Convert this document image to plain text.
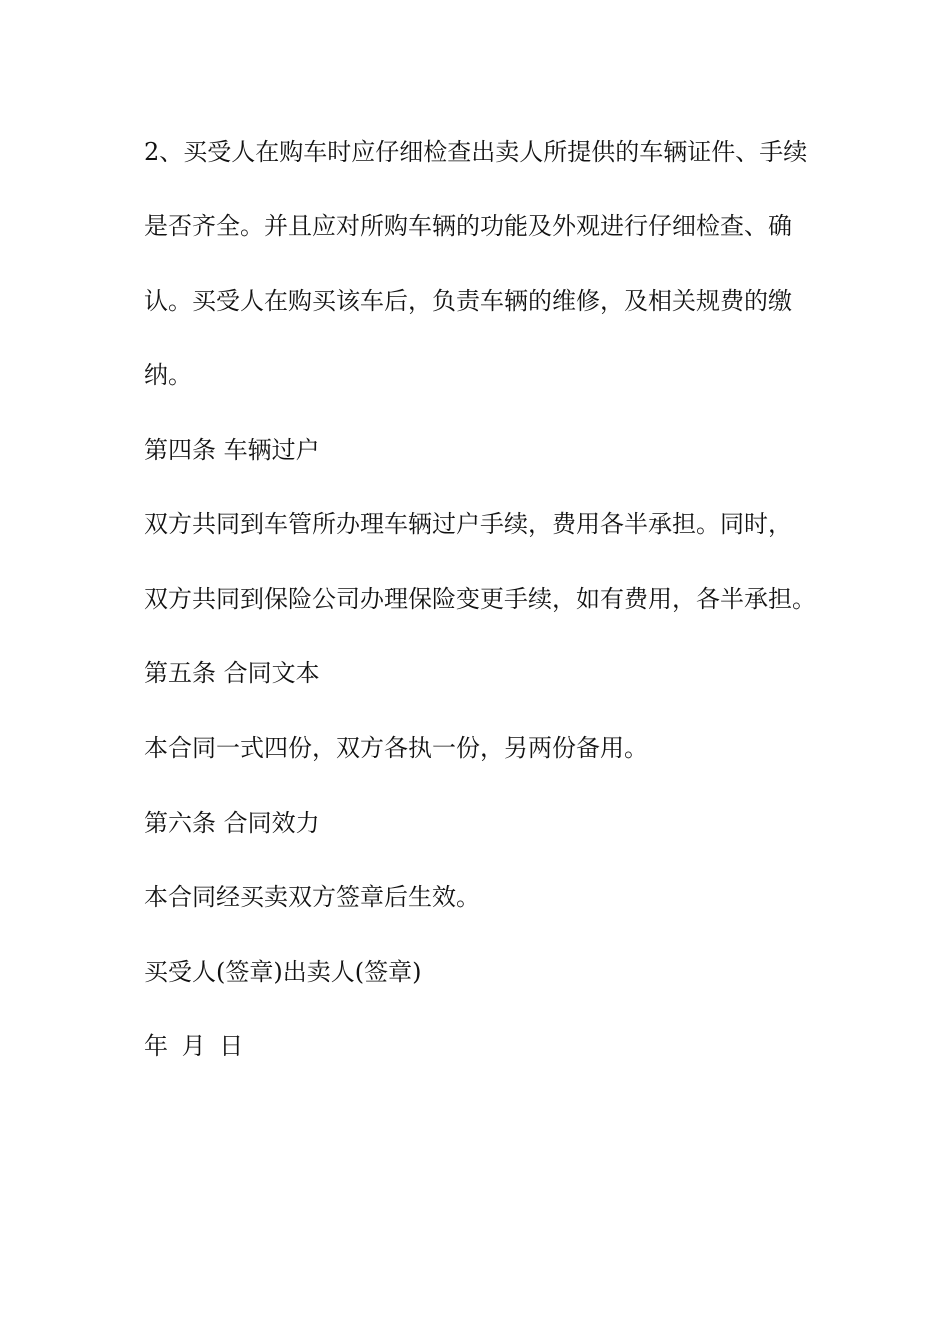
2、买受人在购车时应仔细检查出卖人所提供的车辆证件、手续
是否齐全。并且应对所购车辆的功能及外观进行仔细检查、确
认。买受人在购买该车后，负责车辆的维修，及相关规费的缴
纳。
第四条 车辆过户
双方共同到车管所办理车辆过户手续，费用各半承担。同时，
双方共同到保险公司办理保险变更手续，如有费用，各半承担。
第五条 合同文本
本合同一式四份，双方各执一份，另两份备用。
第六条 合同效力
本合同经买卖双方签章后生效。
买受人(签章)出卖人(签章)
年 月 日
